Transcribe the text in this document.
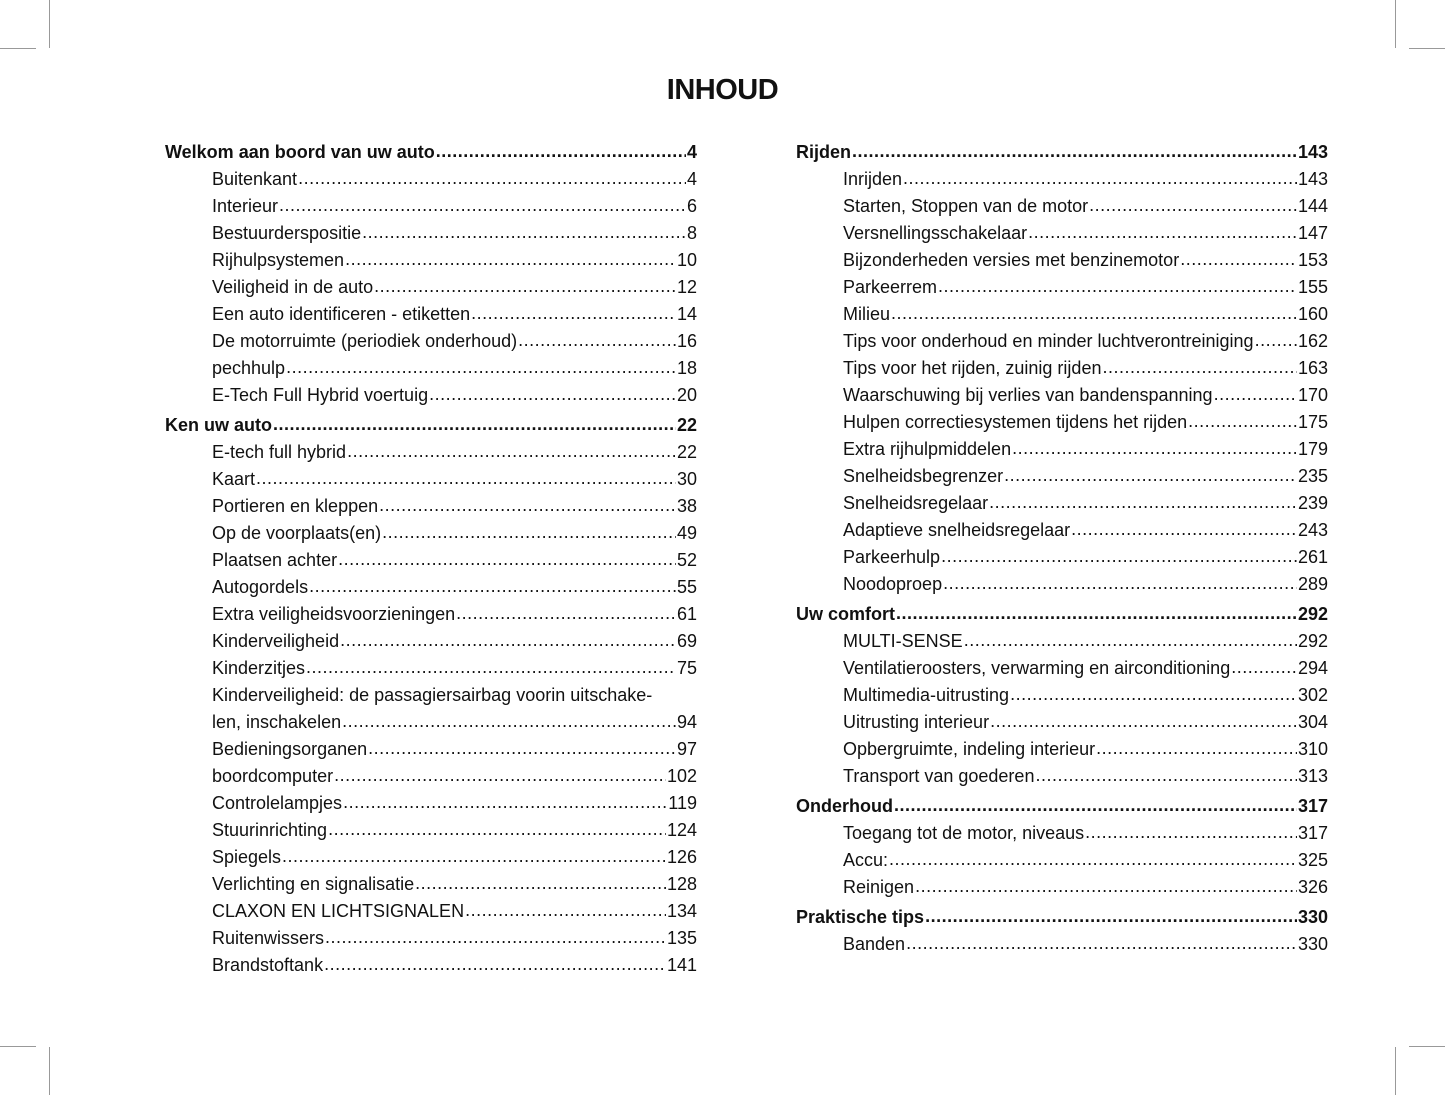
INHOUD
Welkom aan boord van uw auto .....	4
Buitenkant .....	4
Interieur .....	6
Bestuurderspositie .....	8
Rijhulpsystemen .....	10
Veiligheid in de auto .....	12
Een auto identificeren - etiketten .....	14
De motorruimte (periodiek onderhoud) .....	16
pechhulp .....	18
E-Tech Full Hybrid voertuig .....	20
Ken uw auto .....	22
E-tech full hybrid .....	22
Kaart .....	30
Portieren en kleppen .....	38
Op de voorplaats(en) .....	49
Plaatsen achter .....	52
Autogordels .....	55
Extra veiligheidsvoorzieningen .....	61
Kinderveiligheid .....	69
Kinderzitjes .....	75
Kinderveiligheid: de passagiersairbag voorin uitschake-
len, inschakelen .....	94
Bedieningsorganen .....	97
boordcomputer .....	102
Controlelampjes .....	119
Stuurinrichting .....	124
Spiegels .....	126
Verlichting en signalisatie .....	128
CLAXON EN LICHTSIGNALEN .....	134
Ruitenwissers .....	135
Brandstoftank .....	141
Rijden .....	143
Inrijden .....	143
Starten, Stoppen van de motor .....	144
Versnellingsschakelaar .....	147
Bijzonderheden versies met benzinemotor .....	153
Parkeerrem .....	155
Milieu .....	160
Tips voor onderhoud en minder luchtverontreiniging ..... 162
Tips voor het rijden, zuinig rijden .....	163
Waarschuwing bij verlies van bandenspanning .....	170
Hulpen correctiesystemen tijdens het rijden .....	175
Extra rijhulpmiddelen .....	179
Snelheidsbegrenzer .....	235
Snelheidsregelaar .....	239
Adaptieve snelheidsregelaar .....	243
Parkeerhulp .....	261
Noodoproep .....	289
Uw comfort .....	292
MULTI-SENSE .....	292
Ventilatieroosters, verwarming en airconditioning .....	294
Multimedia-uitrusting .....	302
Uitrusting interieur .....	304
Opbergruimte, indeling interieur .....	310
Transport van goederen .....	313
Onderhoud .....	317
Toegang tot de motor, niveaus .....	317
Accu: .....	325
Reinigen .....	326
Praktische tips .....	330
Banden .....	330
